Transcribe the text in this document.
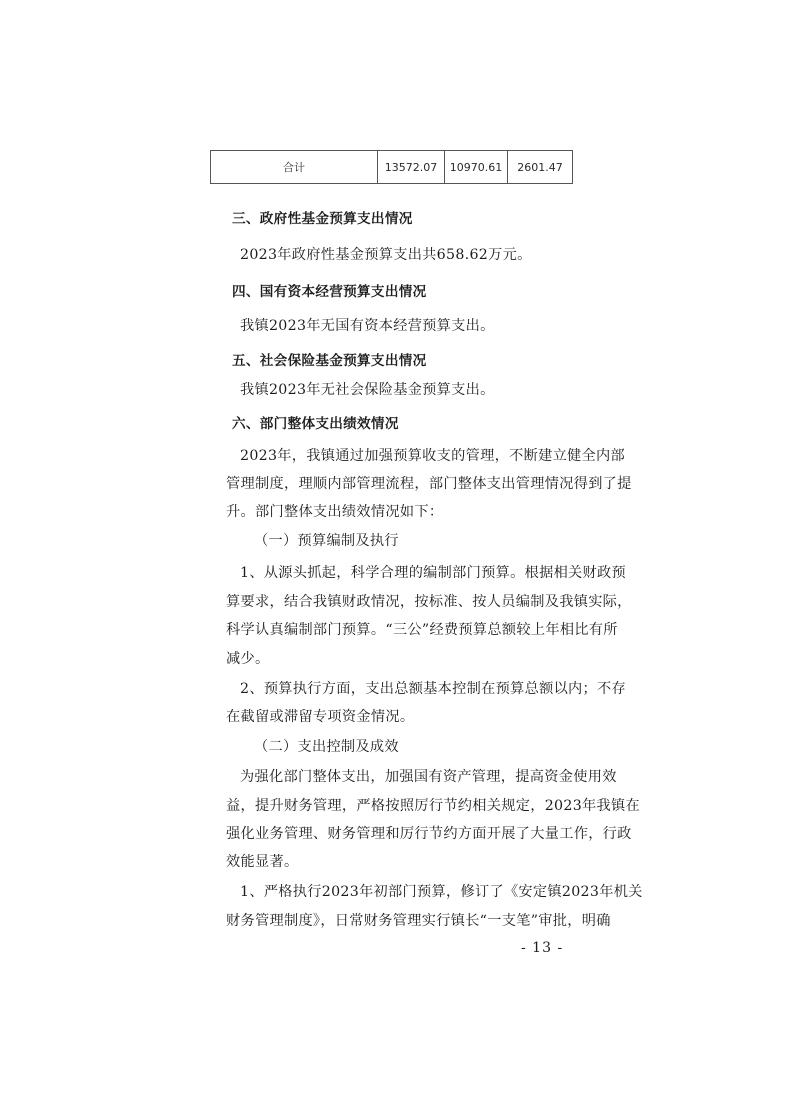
合计	13572.07	10970.61	2601.47

三、政府性基金预算支出情况

2023年政府性基金预算支出共658.62万元。

四、国有资本经营预算支出情况

我镇2023年无国有资本经营预算支出。

五、社会保险基金预算支出情况

我镇2023年无社会保险基金预算支出。

六、部门整体支出绩效情况

2023年，我镇通过加强预算收支的管理，不断建立健全内部

管理制度，理顺内部管理流程，部门整体支出管理情况得到了提

升。部门整体支出绩效情况如下：

（一）预算编制及执行

1、从源头抓起，科学合理的编制部门预算。根据相关财政预

算要求，结合我镇财政情况，按标准、按人员编制及我镇实际，

科学认真编制部门预算。“三公”经费预算总额较上年相比有所

减少。

2、预算执行方面，支出总额基本控制在预算总额以内；不存

在截留或滞留专项资金情况。

（二）支出控制及成效

为强化部门整体支出，加强国有资产管理，提高资金使用效

益，提升财务管理，严格按照厉行节约相关规定，2023年我镇在

强化业务管理、财务管理和厉行节约方面开展了大量工作，行政

效能显著。

1、严格执行2023年初部门预算，修订了《安定镇2023年机关

财务管理制度》，日常财务管理实行镇长“一支笔”审批，明确

- 13 -
